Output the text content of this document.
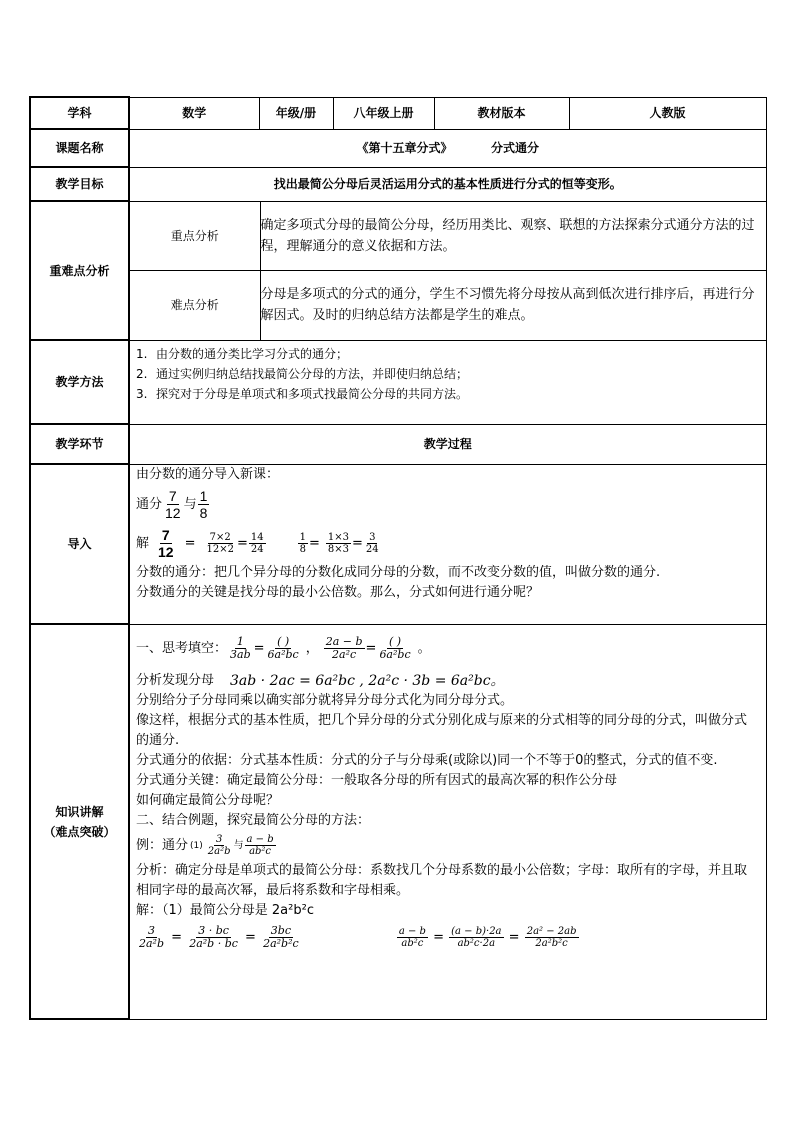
学科	数学	年级/册	八年级上册	教材版本	人教版
课题名称	《第十五章分式》	分式通分
教学目标	找出最简公分母后灵活运用分式的基本性质进行分式的恒等变形。
重难点分析	
重点分析	确定多项式分母的最简公分母，经历用类比、观察、联想的方法探索分式通分方法的过程，理解通分的意义依据和方法。
难点分析	分母是多项式的分式的通分，学生不习惯先将分母按从高到低次进行排序后，再进行分解因式。及时的归纳总结方法都是学生的难点。

教学方法	
1. 由分数的通分类比学习分式的通分；
2. 通过实例归纳总结找最简公分母的方法，并即使归纳总结；
3. 探究对于分母是单项式和多项式找最简公分母的共同方法。

教学环节	教学过程
导入	
由分数的通分导入新课：
通分 $\frac{7}{12}$ 与 $\frac{1}{8}$
解 $\frac{7}{12} = \frac{7\times 2}{12\times 2} = \frac{14}{24}$	$\frac{1}{8} = \frac{1\times 3}{8\times 3} = \frac{3}{24}$
分数的通分：把几个异分母的分数化成同分母的分数，而不改变分数的值，叫做分数的通分.
分数通分的关键是找分母的最小公倍数。那么，分式如何进行通分呢？

知识讲解
（难点突破）

一、思考填空： $\frac{1}{3ab} = \frac{( )}{\text{6a²bc}}$ ， $\frac{2a - b}{\text{2a²c}} = \frac{( )}{\text{6a²bc}}$ 。
分析发现分母 3ab · 2ac = 6a²bc , 2a²c · 3b = 6a²bc。
分别给分子分母同乘以确实部分就将异分母分式化为同分母分式。
像这样，根据分式的基本性质，把几个异分母的分式分别化成与原来的分式相等的同分母的分式，叫做分式的通分.
分式通分的依据：分式基本性质：分式的分子与分母乘(或除以)同一个不等于0的整式，分式的值不变.
分式通分关键：确定最简公分母：一般取各分母的所有因式的最高次幂的积作公分母
如何确定最简公分母呢？
二、结合例题，探究最简公分母的方法：
例：通分 $(1) \frac{3}{\text{2a²b}}$ 与 $\frac{a - b}{\text{ab²c}}$
分析：确定分母是单项式的最简公分母：系数找几个分母系数的最小公倍数；字母：取所有的字母，并且取相同字母的最高次幂，最后将系数和字母相乘。
解：（1）最简公分母是 2a²b²c
$\frac{3}{\text{2a²b}} = \frac{3 \cdot bc}{\text{2a²b · bc}} = \frac{3bc}{\text{2a²b²c}}$	$\frac{a - b}{\text{ab²c}} = \frac{(a - b)\cdot 2a}{\text{ab²c·2a}} = \frac{\text{2a² − 2ab}}{\text{2a²b²c}}$
